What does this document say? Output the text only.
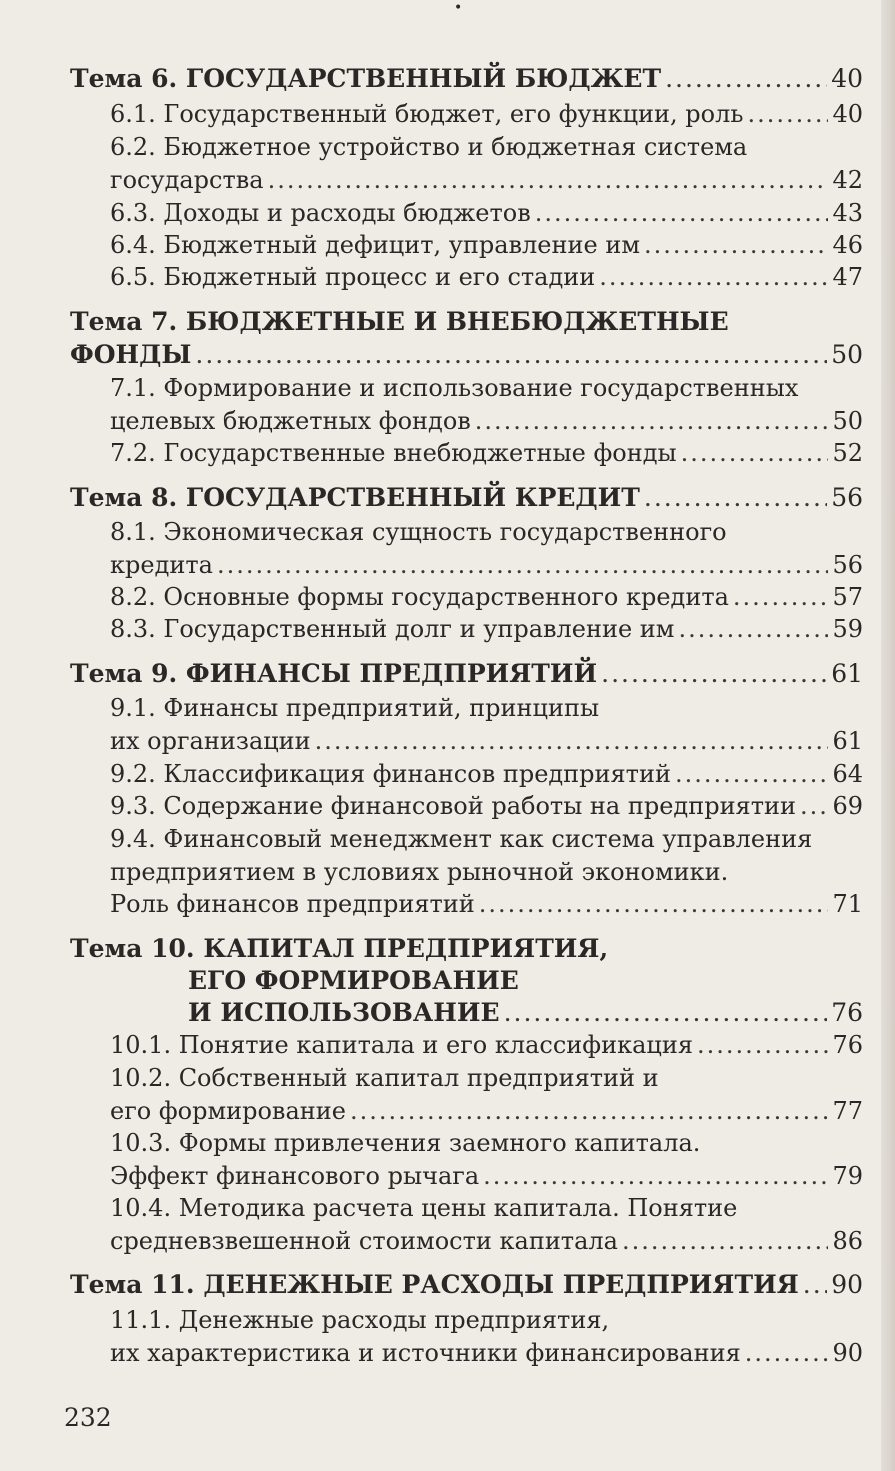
•
Тема 6. ГОСУДАРСТВЕННЫЙ БЮДЖЕТ .....	40
6.1. Государственный бюджет, его функции, роль .....	40
6.2. Бюджетное устройство и бюджетная система
государства .....	42
6.3. Доходы и расходы бюджетов .....	43
6.4. Бюджетный дефицит, управление им .....	46
6.5. Бюджетный процесс и его стадии .....	47
Тема 7. БЮДЖЕТНЫЕ И ВНЕБЮДЖЕТНЫЕ
ФОНДЫ .....	50
7.1. Формирование и использование государственных
целевых бюджетных фондов .....	50
7.2. Государственные внебюджетные фонды .....	52
Тема 8. ГОСУДАРСТВЕННЫЙ КРЕДИТ .....	56
8.1. Экономическая сущность государственного
кредита .....	56
8.2. Основные формы государственного кредита .....	57
8.3. Государственный долг и управление им .....	59
Тема 9. ФИНАНСЫ ПРЕДПРИЯТИЙ .....	61
9.1. Финансы предприятий, принципы
их организации .....	61
9.2. Классификация финансов предприятий .....	64
9.3. Содержание финансовой работы на предприятии ..... 69
9.4. Финансовый менеджмент как система управления
предприятием в условиях рыночной экономики.
Роль финансов предприятий .....	71
Тема 10. КАПИТАЛ ПРЕДПРИЯТИЯ,
ЕГО ФОРМИРОВАНИЕ
И ИСПОЛЬЗОВАНИЕ .....	76
10.1. Понятие капитала и его классификация .....	76
10.2. Собственный капитал предприятий и
его формирование .....	77
10.3. Формы привлечения заемного капитала.
Эффект финансового рычага .....	79
10.4. Методика расчета цены капитала. Понятие
средневзвешенной стоимости капитала .....	86
Тема 11. ДЕНЕЖНЫЕ РАСХОДЫ ПРЕДПРИЯТИЯ ..... 90
11.1. Денежные расходы предприятия,
их характеристика и источники финансирования .....	90
232
